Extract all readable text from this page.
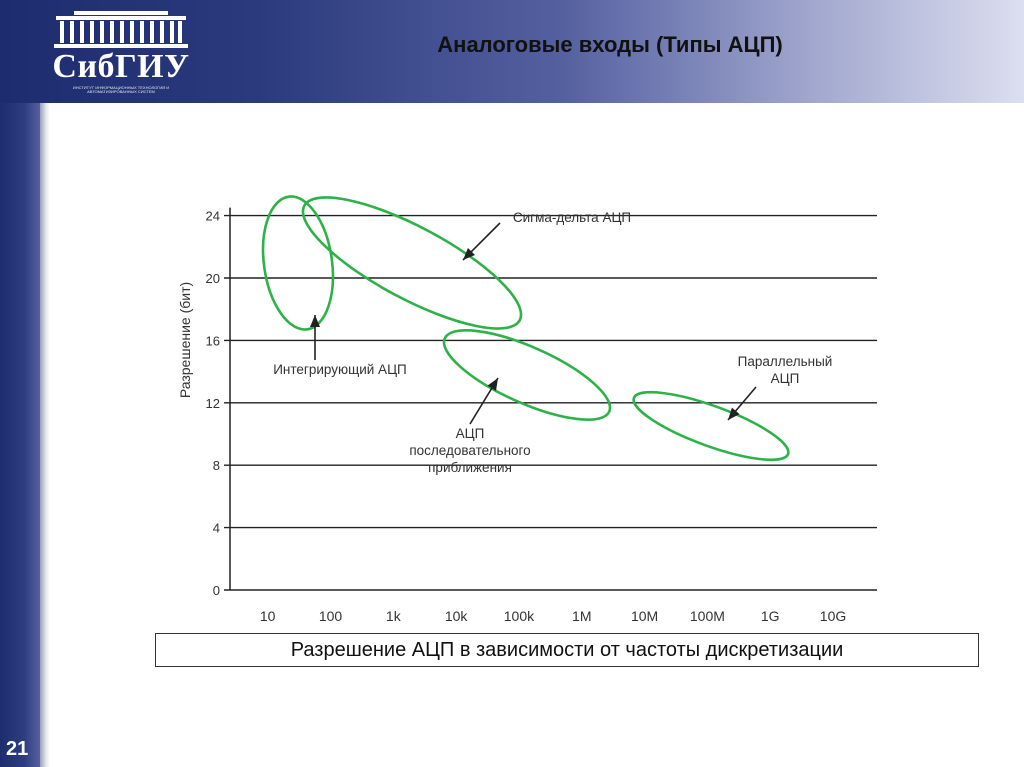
СибГИУ
ИНСТИТУТ ИНФОРМАЦИОННЫХ ТЕХНОЛОГИЙ И АВТОМАТИЗИРОВАННЫХ СИСТЕМ
Аналоговые входы (Типы АЦП)
21
0
4
8
12
16
20
24
10	100	1k	10k	100k	1M	10M 100M	1G	10G
Сигма-дельта АЦП
Интегрирующий АЦП
АЦП последовательного приближения
Параллельный АЦП
Разрешение (бит)
Разрешение АЦП в зависимости от частоты дискретизации
